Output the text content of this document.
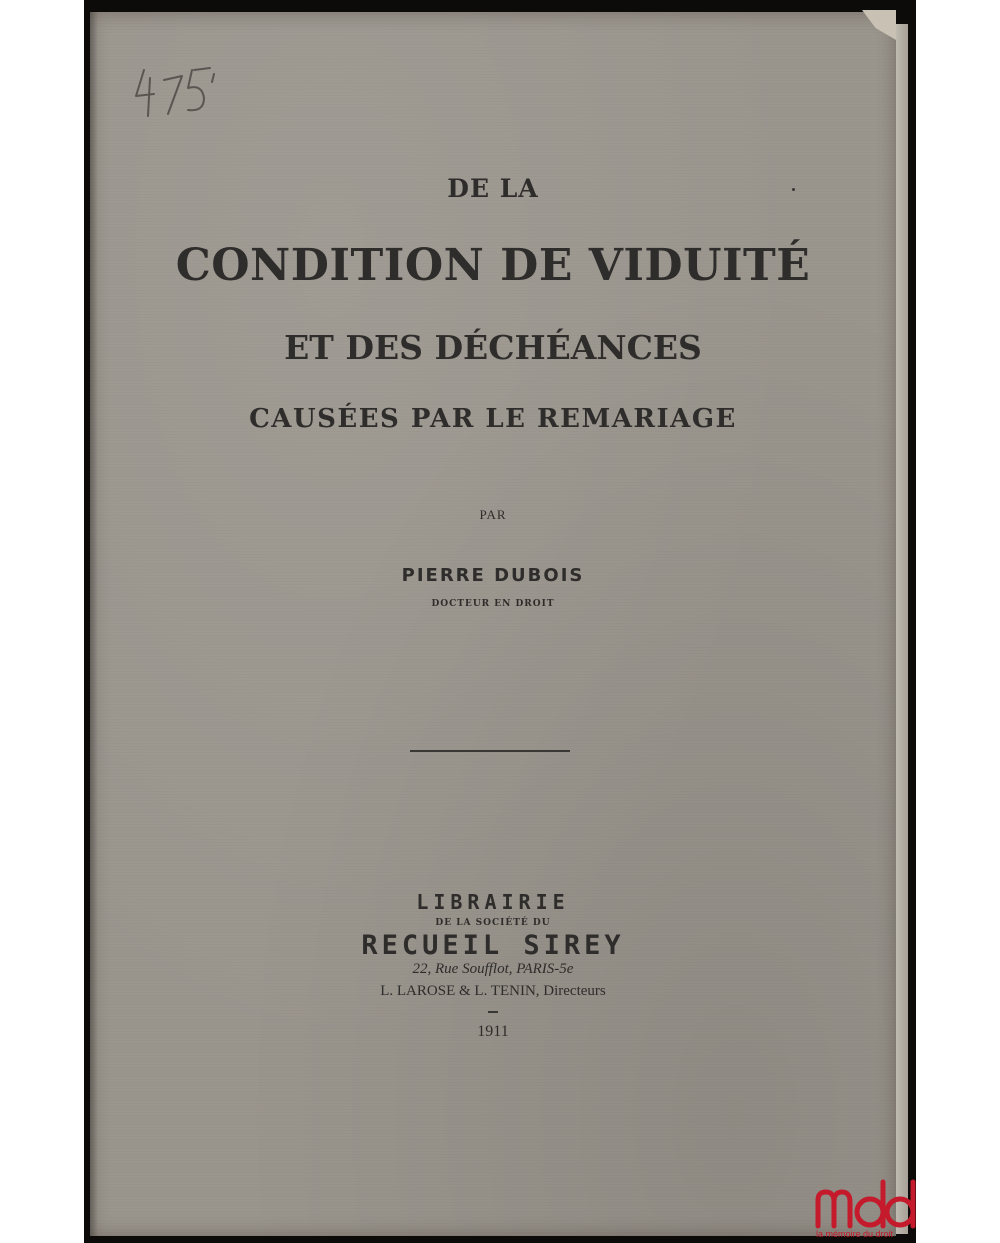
DE LA
CONDITION DE VIDUITÉ
ET DES DÉCHÉANCES
CAUSÉES PAR LE REMARIAGE
PAR
PIERRE DUBOIS
DOCTEUR EN DROIT
LIBRAIRIE
DE LA SOCIÉTÉ DU
RECUEIL SIREY
22, Rue Soufflot, PARIS-5e
L. LAROSE & L. TENIN, Directeurs
1911
la mémoire du droit
